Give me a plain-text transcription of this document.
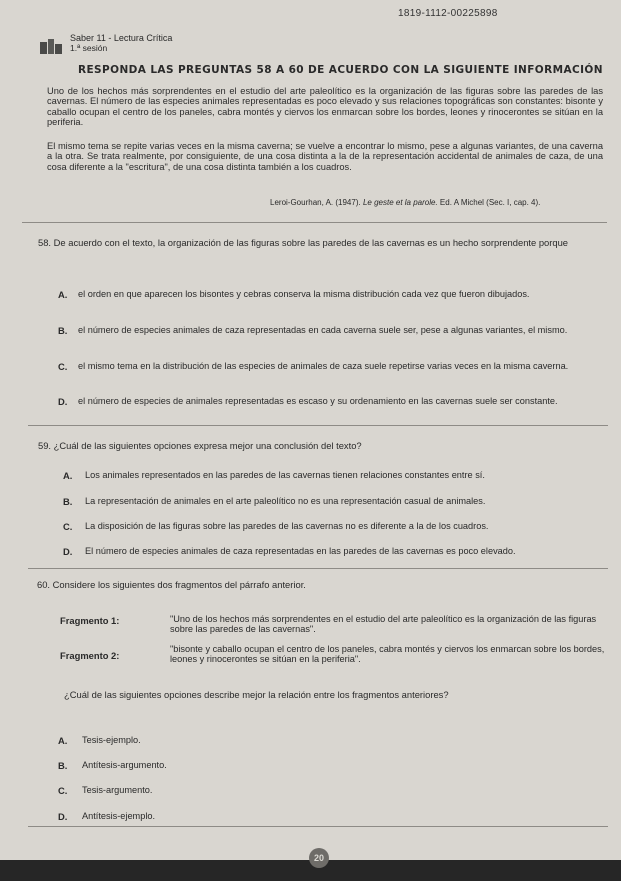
1819-1112-00225898
Saber 11 - Lectura Crítica
1.ª sesión
RESPONDA LAS PREGUNTAS 58 A 60 DE ACUERDO CON LA SIGUIENTE INFORMACIÓN
Uno de los hechos más sorprendentes en el estudio del arte paleolítico es la organización de las figuras sobre las paredes de las cavernas. El número de las especies animales representadas es poco elevado y sus relaciones topográficas son constantes: bisonte y caballo ocupan el centro de los paneles, cabra montés y ciervos los enmarcan sobre los bordes, leones y rinocerontes se sitúan en la periferia.
El mismo tema se repite varias veces en la misma caverna; se vuelve a encontrar lo mismo, pese a algunas variantes, de una caverna a la otra. Se trata realmente, por consiguiente, de una cosa distinta a la de la representación accidental de animales de caza, de una cosa diferente a la "escritura", de una cosa distinta también a los cuadros.
Leroi-Gourhan, A. (1947). Le geste et la parole. Ed. A Michel (Sec. I, cap. 4).
58. De acuerdo con el texto, la organización de las figuras sobre las paredes de las cavernas es un hecho sorprendente porque
A. el orden en que aparecen los bisontes y cebras conserva la misma distribución cada vez que fueron dibujados.
B. el número de especies animales de caza representadas en cada caverna suele ser, pese a algunas variantes, el mismo.
C. el mismo tema en la distribución de las especies de animales de caza suele repetirse varias veces en la misma caverna.
D. el número de especies de animales representadas es escaso y su ordenamiento en las cavernas suele ser constante.
59. ¿Cuál de las siguientes opciones expresa mejor una conclusión del texto?
A. Los animales representados en las paredes de las cavernas tienen relaciones constantes entre sí.
B. La representación de animales en el arte paleolítico no es una representación casual de animales.
C. La disposición de las figuras sobre las paredes de las cavernas no es diferente a la de los cuadros.
D. El número de especies animales de caza representadas en las paredes de las cavernas es poco elevado.
60. Considere los siguientes dos fragmentos del párrafo anterior.
Fragmento 1:	"Uno de los hechos más sorprendentes en el estudio del arte paleolítico es la organización de las figuras sobre las paredes de las cavernas".
Fragmento 2:
"bisonte y caballo ocupan el centro de los paneles, cabra montés y ciervos los enmarcan sobre los bordes, leones y rinocerontes se sitúan en la periferia".
¿Cuál de las siguientes opciones describe mejor la relación entre los fragmentos anteriores?
A. Tesis-ejemplo.
B. Antítesis-argumento.
C. Tesis-argumento.
D. Antítesis-ejemplo.
20
